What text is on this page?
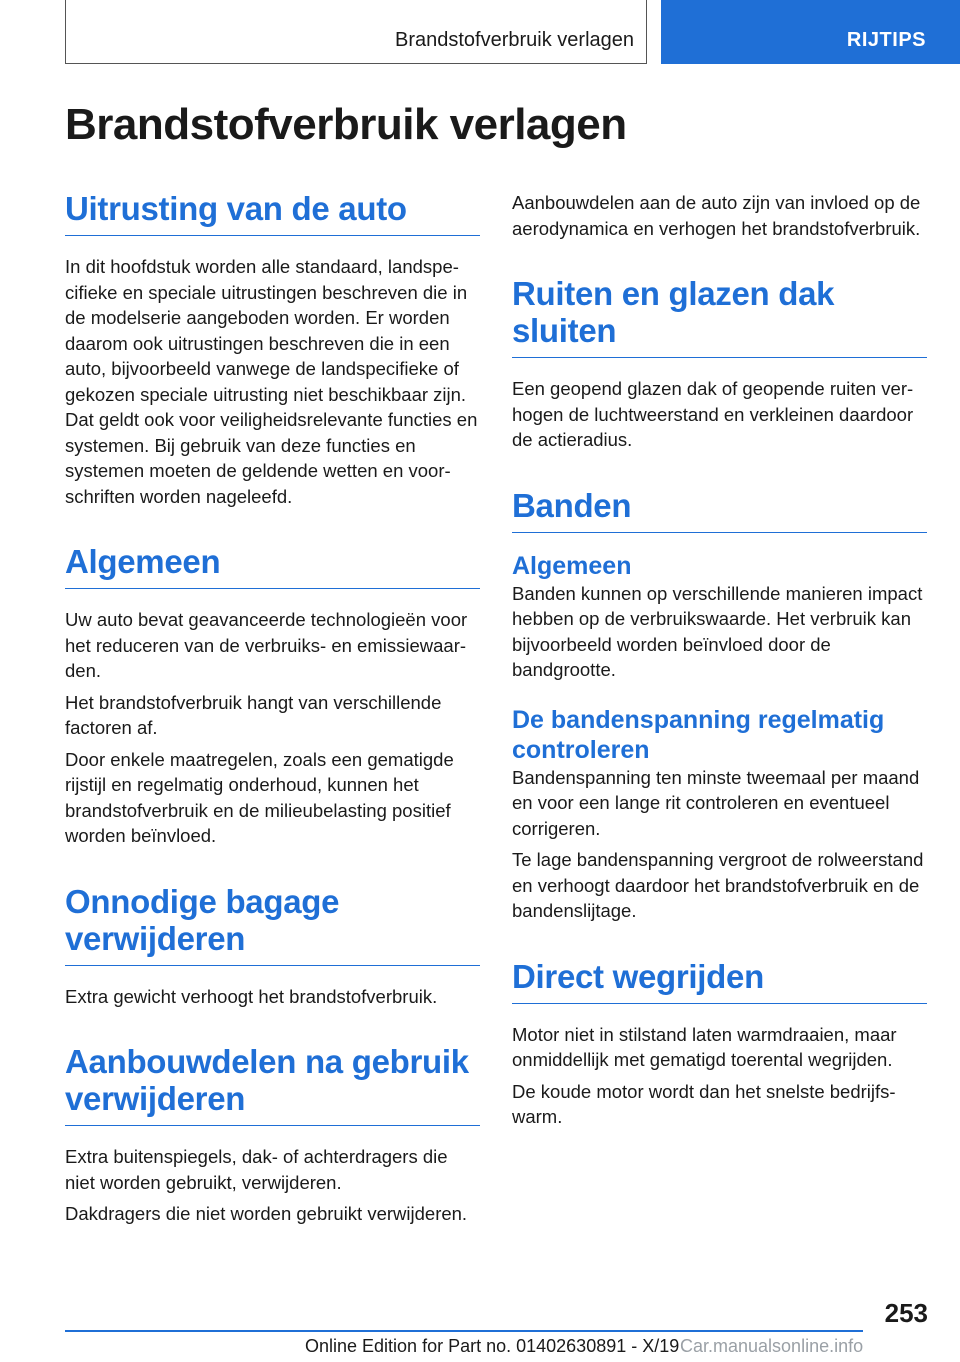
Brandstofverbruik verlagen	RIJTIPS
Brandstofverbruik verlagen
Uitrusting van de auto

In dit hoofdstuk worden alle standaard, landspecifieke en speciale uitrustingen beschreven die in de modelserie aangeboden worden. Er worden daarom ook uitrustingen beschreven die in een auto, bijvoorbeeld vanwege de landspecifieke of gekozen speciale uitrusting niet beschikbaar zijn. Dat geldt ook voor veiligheidsrelevante functies en systemen. Bij gebruik van deze functies en systemen moeten de geldende wetten en voorschriften worden nageleefd.

Algemeen

Uw auto bevat geavanceerde technologieën voor het reduceren van de verbruiks- en emissiewaarden.

Het brandstofverbruik hangt van verschillende factoren af.

Door enkele maatregelen, zoals een gematigde rijstijl en regelmatig onderhoud, kunnen het brandstofverbruik en de milieubelasting positief worden beïnvloed.

Onnodige bagage verwijderen

Extra gewicht verhoogt het brandstofverbruik.

Aanbouwdelen na gebruik verwijderen

Extra buitenspiegels, dak- of achterdragers die niet worden gebruikt, verwijderen.

Dakdragers die niet worden gebruikt verwijderen.

Aanbouwdelen aan de auto zijn van invloed op de aerodynamica en verhogen het brandstofverbruik.

Ruiten en glazen dak sluiten

Een geopend glazen dak of geopende ruiten verhogen de luchtweerstand en verkleinen daardoor de actieradius.

Banden
Algemeen

Banden kunnen op verschillende manieren impact hebben op de verbruikswaarde. Het verbruik kan bijvoorbeeld worden beïnvloed door de bandgrootte.

De bandenspanning regelmatig controleren

Bandenspanning ten minste tweemaal per maand en voor een lange rit controleren en eventueel corrigeren.

Te lage bandenspanning vergroot de rolweerstand en verhoogt daardoor het brandstofverbruik en de bandenslijtage.

Direct wegrijden

Motor niet in stilstand laten warmdraaien, maar onmiddellijk met gematigd toerental wegrijden.

De koude motor wordt dan het snelste bedrijfswarm.

253
Online Edition for Part no. 01402630891 - X/19 Car.manualsonline.info
